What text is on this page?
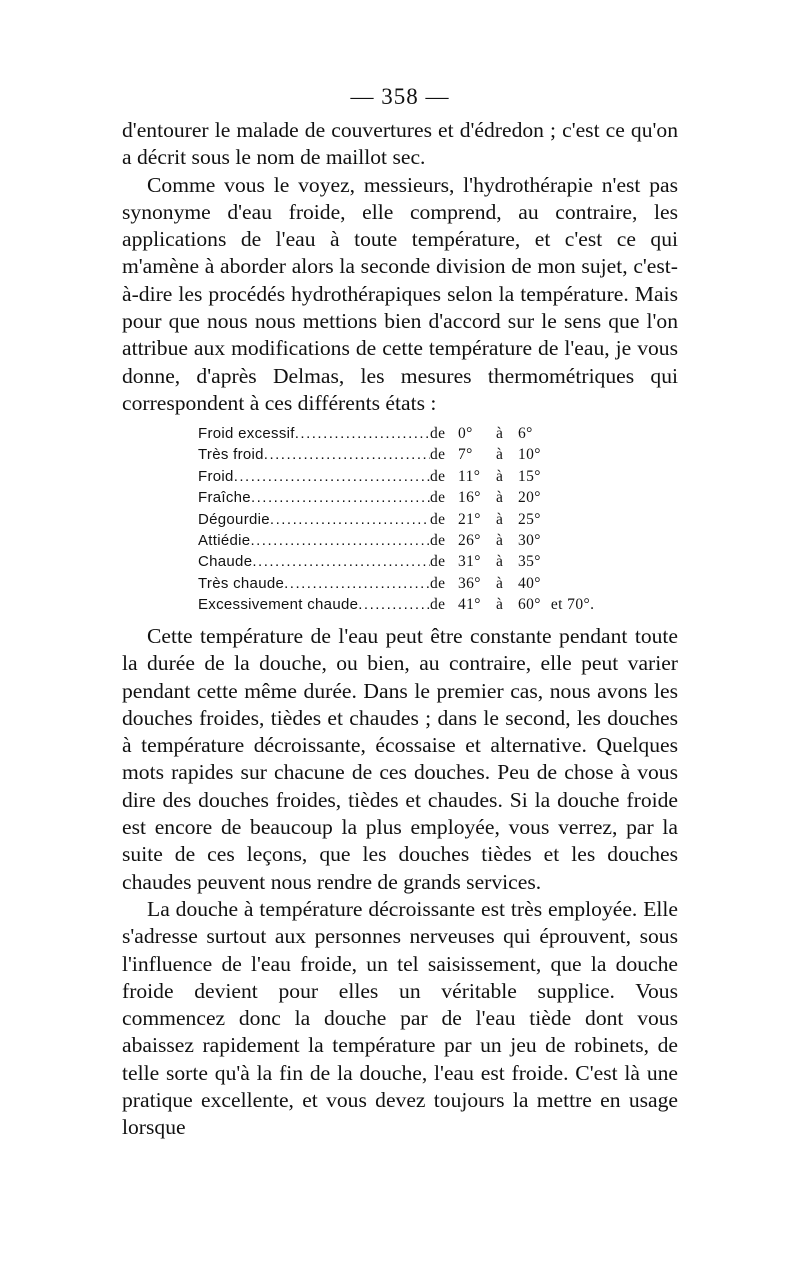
— 358 —

d'entourer le malade de couvertures et d'édredon ; c'est ce qu'on a décrit sous le nom de maillot sec.

Comme vous le voyez, messieurs, l'hydrothérapie n'est pas synonyme d'eau froide, elle comprend, au contraire, les applications de l'eau à toute température, et c'est ce qui m'amène à aborder alors la seconde division de mon sujet, c'est-à-dire les procédés hydrothérapiques selon la température. Mais pour que nous nous mettions bien d'accord sur le sens que l'on attribue aux modifications de cette température de l'eau, je vous donne, d'après Delmas, les mesures thermométriques qui correspondent à ces différents états :

Froid excessif .....	de 0° à 6°
Très froid .....	de 7° à 10°
Froid .....	de 11° à 15°
Fraîche .....	de 16° à 20°
Dégourdie .....	de 21° à 25°
Attiédie .....	de 26° à 30°
Chaude .....	de 31° à 35°
Très chaude .....	de 36° à 40°
Excessivement chaude .....	de 41° à 60° et 70°.

Cette température de l'eau peut être constante pendant toute la durée de la douche, ou bien, au contraire, elle peut varier pendant cette même durée. Dans le premier cas, nous avons les douches froides, tièdes et chaudes ; dans le second, les douches à température décroissante, écossaise et alternative. Quelques mots rapides sur chacune de ces douches. Peu de chose à vous dire des douches froides, tièdes et chaudes. Si la douche froide est encore de beaucoup la plus employée, vous verrez, par la suite de ces leçons, que les douches tièdes et les douches chaudes peuvent nous rendre de grands services.

La douche à température décroissante est très employée. Elle s'adresse surtout aux personnes nerveuses qui éprouvent, sous l'influence de l'eau froide, un tel saisissement, que la douche froide devient pour elles un véritable supplice. Vous commencez donc la douche par de l'eau tiède dont vous abaissez rapidement la température par un jeu de robinets, de telle sorte qu'à la fin de la douche, l'eau est froide. C'est là une pratique excellente, et vous devez toujours la mettre en usage lorsque
